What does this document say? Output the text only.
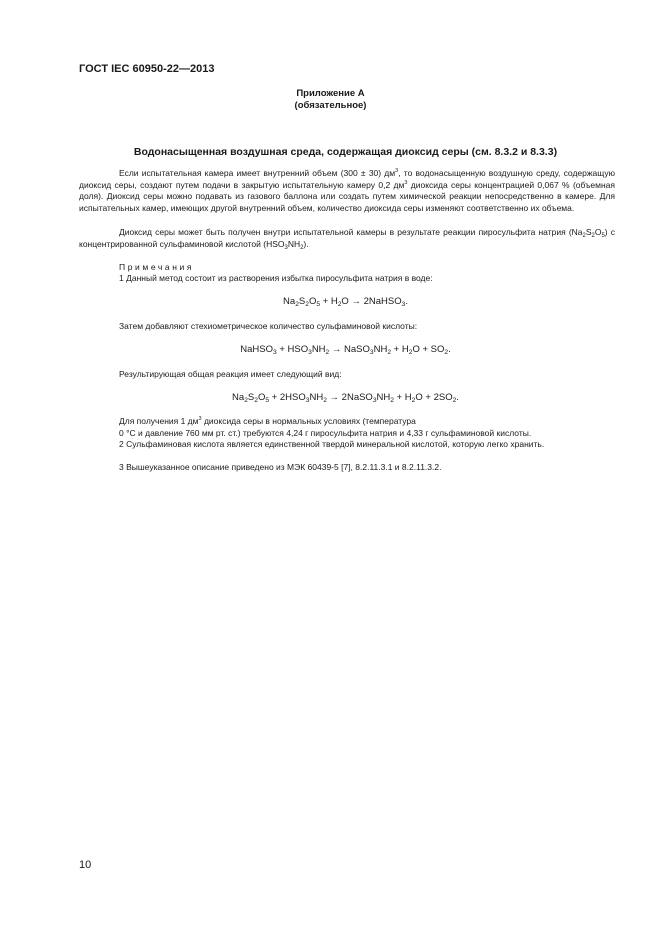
ГОСТ IEC 60950-22—2013
Приложение А
(обязательное)
Водонасыщенная воздушная среда, содержащая диоксид серы (см. 8.3.2 и 8.3.3)

Если испытательная камера имеет внутренний объем (300 ± 30) $дм^3$, то водонасыщенную воздушную среду, содержащую диоксид серы, создают путем подачи в закрытую испытательную камеру 0,2 $дм^3$ диоксида серы концентрацией 0,067 % (объемная доля). Диоксид серы можно подавать из газового баллона или создать путем химической реакции непосредственно в камере. Для испытательных камер, имеющих другой внутренний объем, количество диоксида серы изменяют соответственно их объема.

Диоксид серы может быть получен внутри испытательной камеры в результате реакции пиросульфита натрия $(Na_2S_2O_5)$ с концентрированной сульфаминовой кислотой $(HSO_3NH_2)$.

Примечания
1 Данный метод состоит из растворения избытка пиросульфита натрия в воде:
$Na_2S_2O_5 + H_2O$ → 2NaHSO$_3$.
Затем добавляют стехиометрическое количество сульфаминовой кислоты:
NaHSO$_3$ + $HSO_3NH_2$ → $NaSO_3NH_2 + H_2O + SO_2$.
Результирующая общая реакция имеет следующий вид:
$Na_2S_2O_5 + 2HSO_3NH_2$ → $2NaSO_3NH_2 + H_2O + 2SO_2$.
Для получения 1 $дм^3$ диоксида серы в нормальных условиях (температура
0 °С и давление 760 мм рт. ст.) требуются 4,24 г пиросульфита натрия и 4,33 г сульфаминовой кислоты.
2 Сульфаминовая кислота является единственной твердой минеральной кислотой, которую легко хранить.
3 Вышеуказанное описание приведено из МЭК 60439-5 [7], 8.2.11.3.1 и 8.2.11.3.2.
10
